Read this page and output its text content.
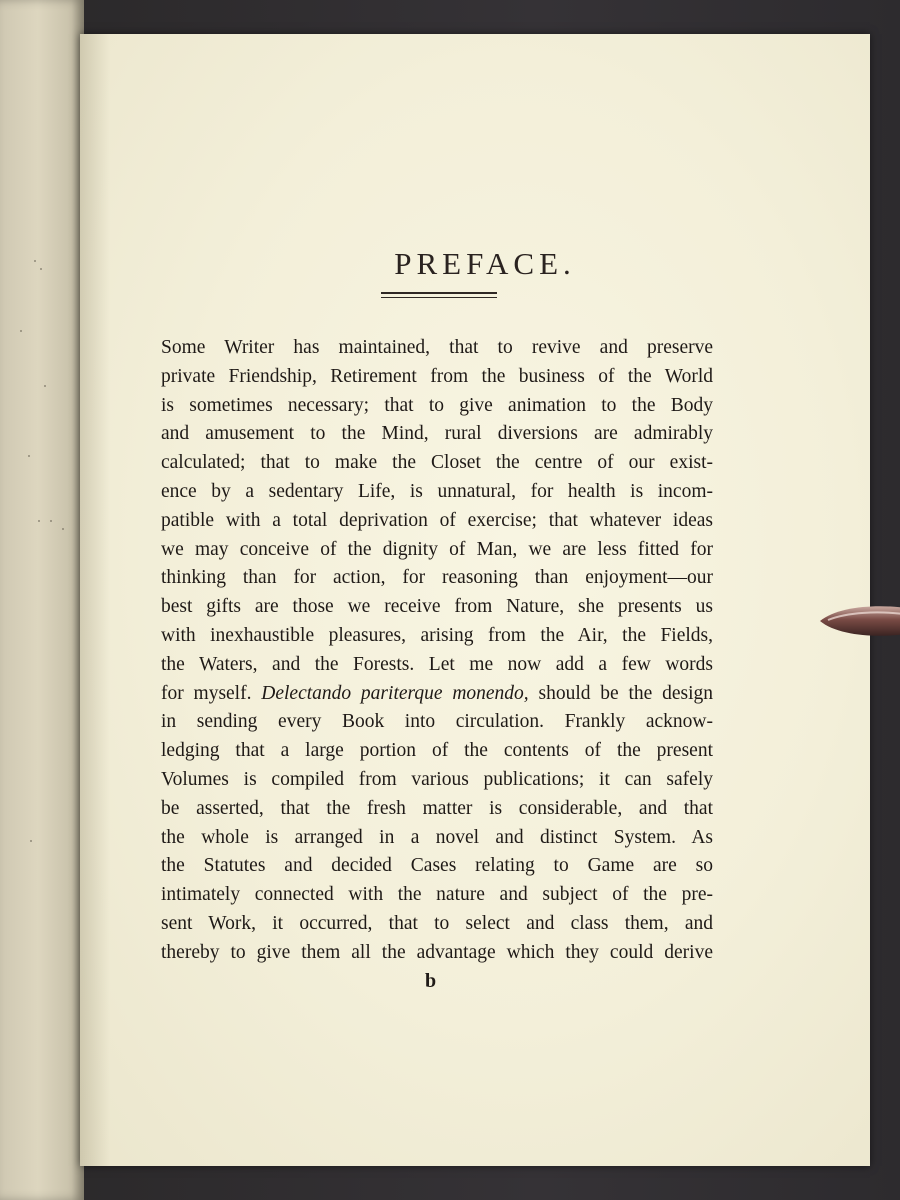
PREFACE.
Some Writer has maintained, that to revive and preserve
private Friendship, Retirement from the business of the World
is sometimes necessary; that to give animation to the Body
and amusement to the Mind, rural diversions are admirably
calculated; that to make the Closet the centre of our exist-
ence by a sedentary Life, is unnatural, for health is incom-
patible with a total deprivation of exercise; that whatever ideas
we may conceive of the dignity of Man, we are less fitted for
thinking than for action, for reasoning than enjoyment—our
best gifts are those we receive from Nature, she presents us
with inexhaustible pleasures, arising from the Air, the Fields,
the Waters, and the Forests. Let me now add a few words
for myself. Delectando pariterque monendo, should be the design
in sending every Book into circulation. Frankly acknow-
ledging that a large portion of the contents of the present
Volumes is compiled from various publications; it can safely
be asserted, that the fresh matter is considerable, and that
the whole is arranged in a novel and distinct System. As
the Statutes and decided Cases relating to Game are so
intimately connected with the nature and subject of the pre-
sent Work, it occurred, that to select and class them, and
thereby to give them all the advantage which they could derive
b
